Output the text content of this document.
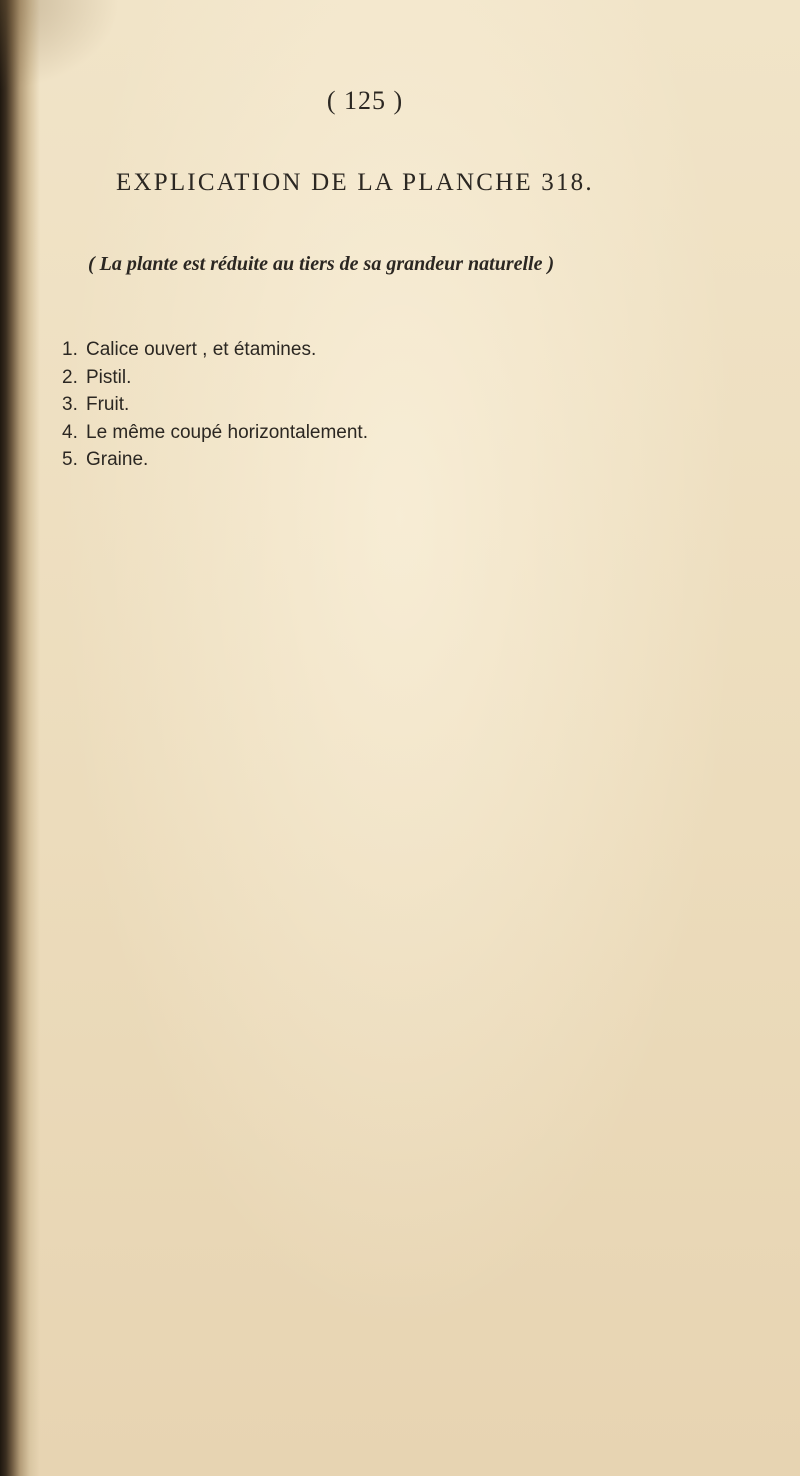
( 125 )
EXPLICATION DE LA PLANCHE 318.
( La plante est réduite au tiers de sa grandeur naturelle )
1. Calice ouvert , et étamines.
2. Pistil.
3. Fruit.
4. Le même coupé horizontalement.
5. Graine.
